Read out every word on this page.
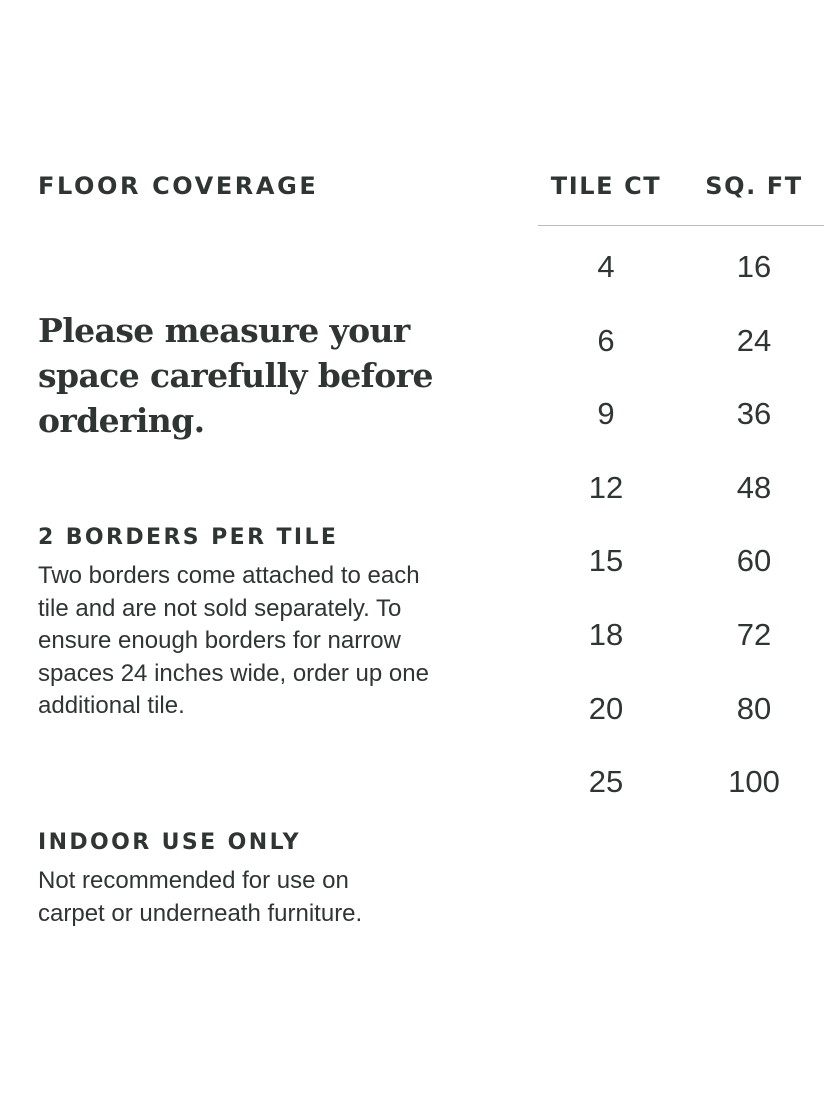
FLOOR COVERAGE

Please measure your space carefully before ordering.

2 BORDERS PER TILE

Two borders come attached to each tile and are not sold separately. To ensure enough borders for narrow spaces 24 inches wide, order up one additional tile.

INDOOR USE ONLY

Not recommended for use on carpet or underneath furniture.

TILE CT	SQ. FT
4	16
6	24
9	36
12	48
15	60
18	72
20	80
25	100
